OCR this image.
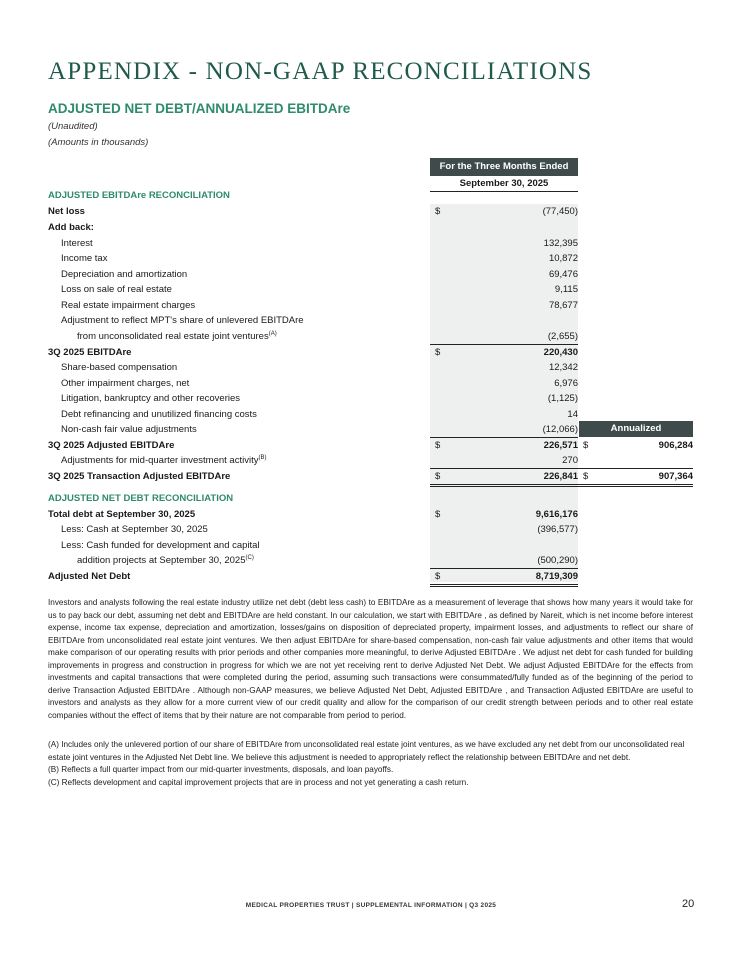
APPENDIX - NON-GAAP RECONCILIATIONS
ADJUSTED NET DEBT/ANNUALIZED EBITDAre
(Unaudited)
(Amounts in thousands)
For the Three Months Ended
September 30, 2025
ADJUSTED EBITDAre RECONCILIATION
Net loss	$	(77,450)
Add back:
Interest	132,395
Income tax	10,872
Depreciation and amortization	69,476
Loss on sale of real estate	9,115
Real estate impairment charges	78,677
Adjustment to reflect MPT's share of unlevered EBITDAre
from unconsolidated real estate joint ventures$^{(A)}$	(2,655)
3Q 2025 EBITDAre	$	220,430
Share-based compensation	12,342
Other impairment charges, net	6,976
Litigation, bankruptcy and other recoveries	(1,125)
Debt refinancing and unutilized financing costs	14
Non-cash fair value adjustments	(12,066)	Annualized
3Q 2025 Adjusted EBITDAre	$	226,571 $	906,284
Adjustments for mid-quarter investment activity$^{(B)}$	270
3Q 2025 Transaction Adjusted EBITDAre	$	226,841 $	907,364
ADJUSTED NET DEBT RECONCILIATION
Total debt at September 30, 2025	$	9,616,176
Less: Cash at September 30, 2025	(396,577)
Less: Cash funded for development and capital
addition projects at September 30, $2025^{(C)}$	(500,290)
Adjusted Net Debt	$	8,719,309
Investors and analysts following the real estate industry utilize net debt (debt less cash) to EBITDAre as a measurement of leverage that shows how many years it would take for us to pay back our debt, assuming net debt and EBITDAre are held constant. In our calculation, we start with EBITDAre , as defined by Nareit, which is net income before interest expense, income tax expense, depreciation and amortization, losses/gains on disposition of depreciated property, impairment losses, and adjustments to reflect our share of EBITDAre from unconsolidated real estate joint ventures. We then adjust EBITDAre for share-based compensation, non-cash fair value adjustments and other items that would make comparison of our operating results with prior periods and other companies more meaningful, to derive Adjusted EBITDAre . We adjust net debt for cash funded for building improvements in progress and construction in progress for which we are not yet receiving rent to derive Adjusted Net Debt. We adjust Adjusted EBITDAre for the effects from investments and capital transactions that were completed during the period, assuming such transactions were consummated/fully funded as of the beginning of the period to derive Transaction Adjusted EBITDAre . Although non-GAAP measures, we believe Adjusted Net Debt, Adjusted EBITDAre , and Transaction Adjusted EBITDAre are useful to investors and analysts as they allow for a more current view of our credit quality and allow for the comparison of our credit strength between periods and to other real estate companies without the effect of items that by their nature are not comparable from period to period.
(A) Includes only the unlevered portion of our share of EBITDAre from unconsolidated real estate joint ventures, as we have excluded any net debt from our unconsolidated real estate joint ventures in the Adjusted Net Debt line. We believe this adjustment is needed to appropriately reflect the relationship between EBITDAre and net debt.
(B) Reflects a full quarter impact from our mid-quarter investments, disposals, and loan payoffs.
(C) Reflects development and capital improvement projects that are in process and not yet generating a cash return.
MEDICAL PROPERTIES TRUST | SUPPLEMENTAL INFORMATION | Q3 2025	20
